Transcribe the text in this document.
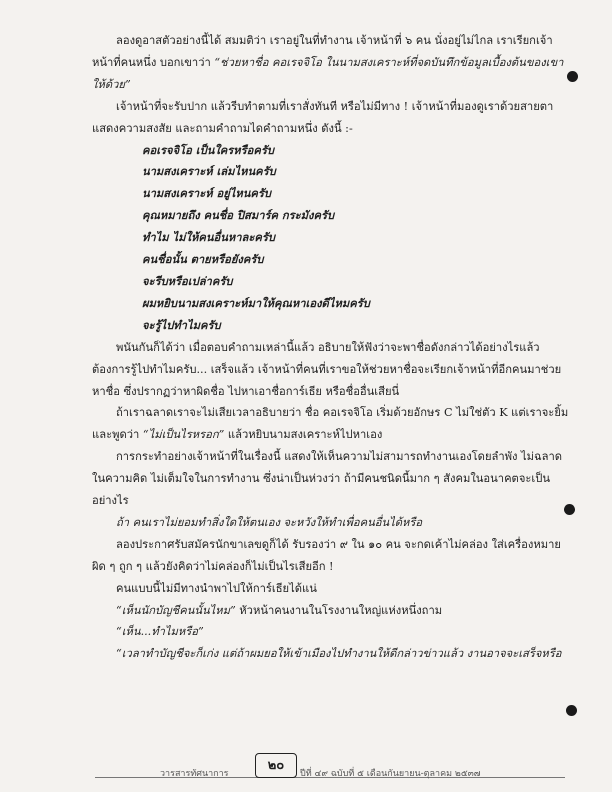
ลองดูอาสตัวอย่างนี้ได้ สมมติว่า เราอยู่ในที่ทำงาน เจ้าหน้าที่ ๖ คน นั่งอยู่ไม่ไกล เราเรียกเจ้าหน้าที่คนหนึ่ง บอกเขาว่า “ช่วยหาชื่อ คอเรจจิโอ ในนามสงเคราะห์ที่จดบันทึกข้อมูลเบื้องต้นของเขาให้ด้วย”

เจ้าหน้าที่จะรับปาก แล้วรีบทำตามที่เราสั่งทันที หรือไม่มีทาง ! เจ้าหน้าที่มองดูเราด้วยสายตาแสดงความสงสัย และถามคำถามไดคำถามหนึ่ง ดังนี้ :-

คอเรจจิโอ เป็นใครหรือครับ
นามสงเคราะห์ เล่มไหนครับ
นามสงเคราะห์ อยู่ไหนครับ
คุณหมายถึง คนชื่อ ปิสมาร์ค กระมังครับ
ทำไม ไม่ให้คนอื่นหาละครับ
คนชื่อนั้น ตายหรือยังครับ
จะรีบหรือเปล่าครับ
ผมหยิบนามสงเคราะห์มาให้คุณหาเองดีไหมครับ
จะรู้ไปทำไมครับ

พนันกันก็ได้ว่า เมื่อตอบคำถามเหล่านี้แล้ว อธิบายให้ฟังว่าจะพาชื่อดังกล่าวได้อย่างไรแล้ว ต้องการรู้ไปทำไมครับ... เสร็จแล้ว เจ้าหน้าที่คนที่เราขอให้ช่วยหาชื่อจะเรียกเจ้าหน้าที่อีกคนมาช่วยหาชื่อ ซึ่งปรากฏว่าหาผิดชื่อ ไปหาเอาชื่อการ์เธีย หรือชื่ออื่นเสียนี่

ถ้าเราฉลาดเราจะไม่เสียเวลาอธิบายว่า ชื่อ คอเรจจิโอ เริ่มด้วยอักษร C ไม่ใช่ตัว K แต่เราจะยิ้มและพูดว่า “ไม่เป็นไรหรอก” แล้วหยิบนามสงเคราะห์ไปหาเอง

การกระทำอย่างเจ้าหน้าที่ในเรื่องนี้ แสดงให้เห็นความไม่สามารถทำงานเองโดยลำพัง ไม่ฉลาดในความคิด ไม่เต็มใจในการทำงาน ซึ่งน่าเป็นห่วงว่า ถ้ามีคนชนิดนี้มาก ๆ สังคมในอนาคตจะเป็นอย่างไร

ถ้า คนเราไม่ยอมทำสิ่งใดให้ตนเอง จะหวังให้ทำเพื่อคนอื่นได้หรือ

ลองประกาศรับสมัครนักขาเลขดูก็ได้ รับรองว่า ๙ ใน ๑๐ คน จะกดเค้าไม่คล่อง ใส่เครื่องหมายผิด ๆ ถูก ๆ แล้วยังคิดว่าไม่คล่องก็ไม่เป็นไรเสียอีก !

คนแบบนี้ไม่มีทางนำพาไปให้การ์เธียได้แน่

“เห็นนักบัญชีคนนั้นไหม” หัวหน้าคนงานในโรงงานใหญ่แห่งหนึ่งถาม

“เห็น...ทำไมหรือ”

“เวลาทำบัญชีจะก็เก่ง แต่ถ้าผมยอให้เข้าเมืองไปทำงานให้ดีกล่าวข่าวแล้ว งานอาจจะเสร็จหรือ

วารสารทัศนาการ
๒๐
ปีที่ ๔๙ ฉบับที่ ๕ เดือนกันยายน-ตุลาคม ๒๕๓๗
